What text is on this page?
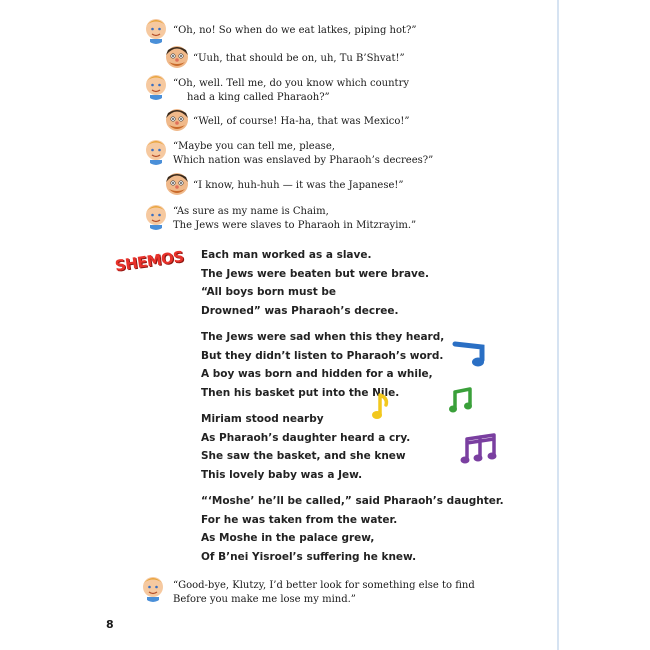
“Oh, no! So when do we eat latkes, piping hot?”
“Uuh, that should be on, uh, Tu B’Shvat!”
“Oh, well. Tell me, do you know which country
had a king called Pharaoh?”
“Well, of course! Ha-ha, that was Mexico!”
“Maybe you can tell me, please,
Which nation was enslaved by Pharaoh’s decrees?”
“I know, huh-huh — it was the Japanese!”
“As sure as my name is Chaim,
The Jews were slaves to Pharaoh in Mitzrayim.”
SHEMOS Each man worked as a slave.
The Jews were beaten but were brave.
“All boys born must be
Drowned” was Pharaoh’s decree.
The Jews were sad when this they heard,
But they didn’t listen to Pharaoh’s word.
A boy was born and hidden for a while,
Then his basket put into the Nile.
Miriam stood nearby
As Pharaoh’s daughter heard a cry.
She saw the basket, and she knew
This lovely baby was a Jew.
“‘Moshe’ he’ll be called,” said Pharaoh’s daughter.
For he was taken from the water.
As Moshe in the palace grew,
Of B’nei Yisroel’s suffering he knew.
“Good-bye, Klutzy, I’d better look for something else to find
Before you make me lose my mind.”
8
